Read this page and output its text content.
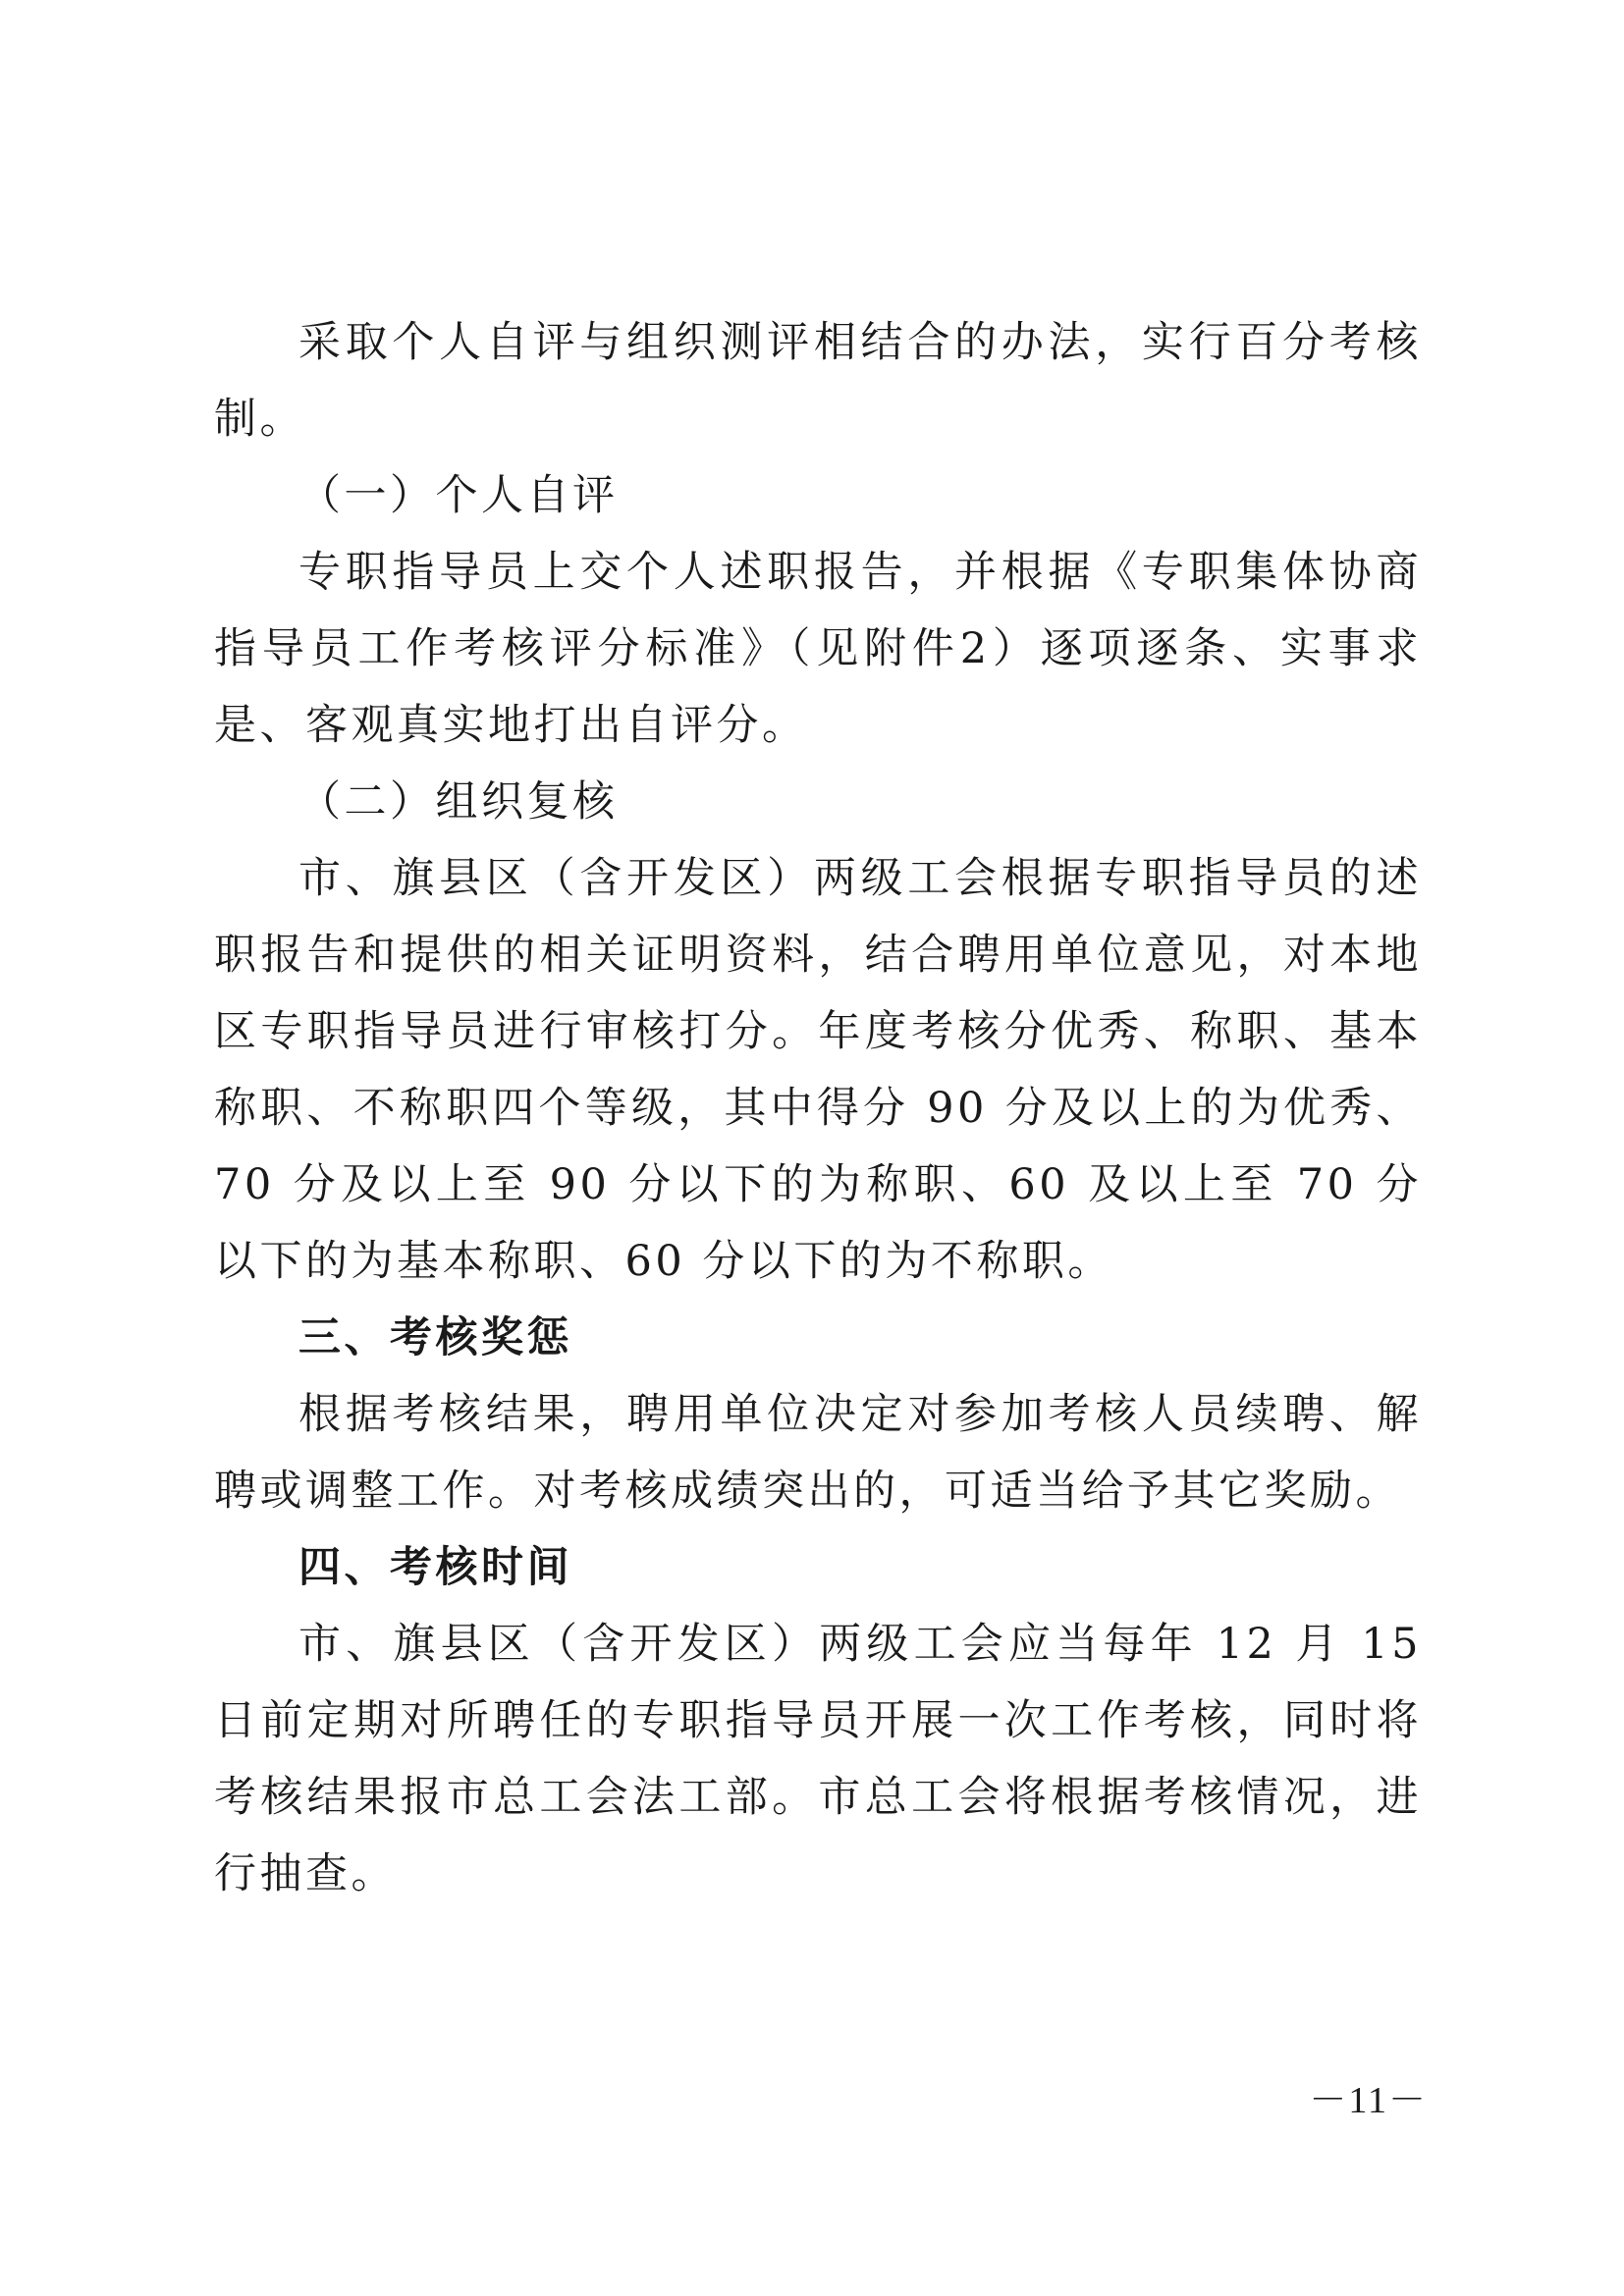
采取个人自评与组织测评相结合的办法，实行百分考核制。

（一）个人自评

专职指导员上交个人述职报告，并根据《专职集体协商指导员工作考核评分标准》（见附件2）逐项逐条、实事求是、客观真实地打出自评分。

（二）组织复核

市、旗县区（含开发区）两级工会根据专职指导员的述职报告和提供的相关证明资料，结合聘用单位意见，对本地区专职指导员进行审核打分。年度考核分优秀、称职、基本称职、不称职四个等级，其中得分 90 分及以上的为优秀、70 分及以上至 90 分以下的为称职、60 及以上至 70 分以下的为基本称职、60 分以下的为不称职。

三、考核奖惩

根据考核结果，聘用单位决定对参加考核人员续聘、解聘或调整工作。对考核成绩突出的，可适当给予其它奖励。

四、考核时间

市、旗县区（含开发区）两级工会应当每年 12 月 15 日前定期对所聘任的专职指导员开展一次工作考核，同时将考核结果报市总工会法工部。市总工会将根据考核情况，进行抽查。

－11－
